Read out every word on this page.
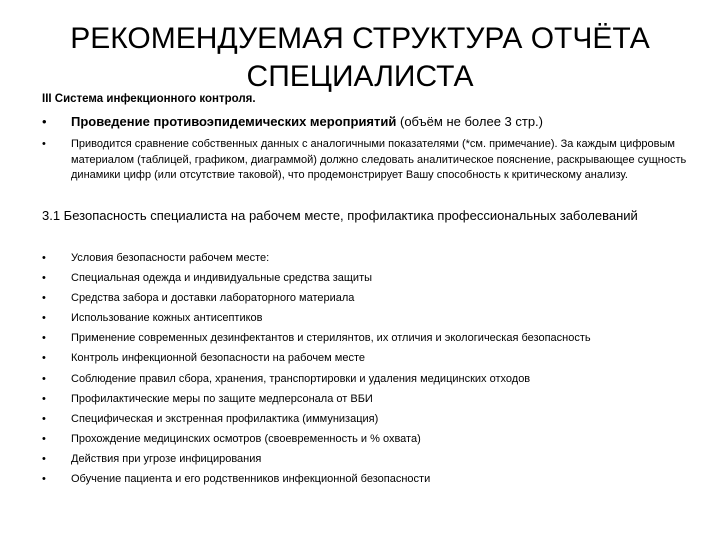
РЕКОМЕНДУЕМАЯ СТРУКТУРА ОТЧЁТА СПЕЦИАЛИСТА

III Система инфекционного контроля.

• Проведение противоэпидемических мероприятий (объём не более 3 стр.)
• Приводится сравнение собственных данных с аналогичными показателями (*см. примечание). За каждым цифровым материалом (таблицей, графиком, диаграммой) должно следовать аналитическое пояснение, раскрывающее сущность динамики цифр (или отсутствие таковой), что продемонстрирует Вашу способность к критическому анализу.

3.1 Безопасность специалиста на рабочем месте, профилактика профессиональных заболеваний

• Условия безопасности рабочем месте:
• Специальная одежда и индивидуальные средства защиты
• Средства забора и доставки лабораторного материала
• Использование кожных антисептиков
• Применение современных дезинфектантов и стерилянтов, их отличия и экологическая безопасность
• Контроль инфекционной безопасности на рабочем месте
• Соблюдение правил сбора, хранения, транспортировки и удаления медицинских отходов
• Профилактические меры по защите медперсонала от ВБИ
• Специфическая и экстренная профилактика (иммунизация)
• Прохождение медицинских осмотров (своевременность и % охвата)
• Действия при угрозе инфицирования
• Обучение пациента и его родственников инфекционной безопасности
